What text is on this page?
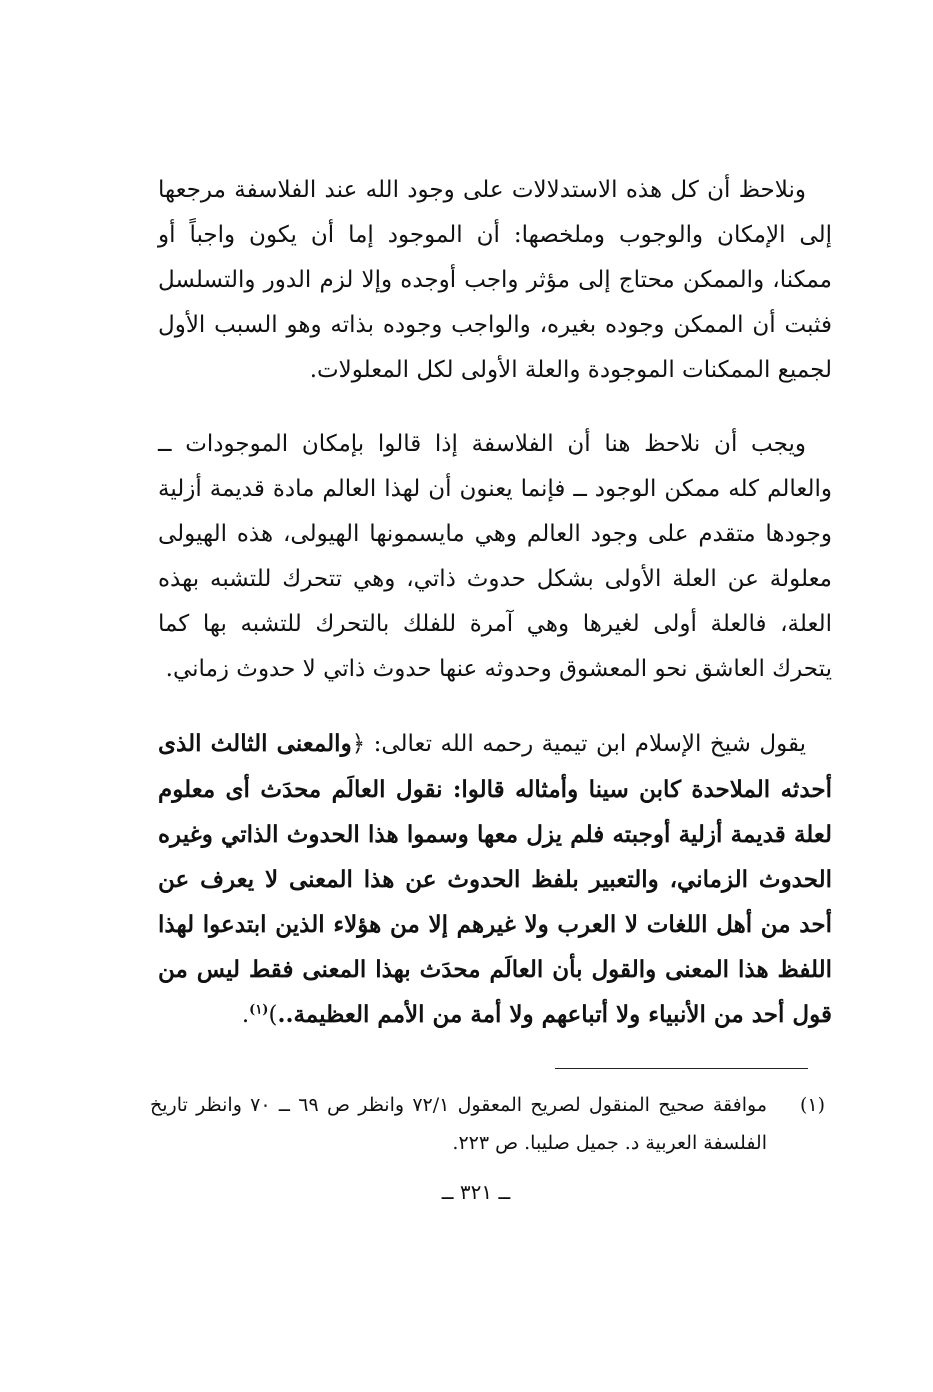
ونلاحظ أن كل هذه الاستدلالات على وجود الله عند الفلاسفة مرجعها إلى الإمكان والوجوب وملخصها: أن الموجود إما أن يكون واجباً أو ممكنا، والممكن محتاج إلى مؤثر واجب أوجده وإلا لزم الدور والتسلسل فثبت أن الممكن وجوده بغيره، والواجب وجوده بذاته وهو السبب الأول لجميع الممكنات الموجودة والعلة الأولى لكل المعلولات.

ويجب أن نلاحظ هنا أن الفلاسفة إذا قالوا بإمكان الموجودات ــ والعالم كله ممكن الوجود ــ فإنما يعنون أن لهذا العالم مادة قديمة أزلية وجودها متقدم على وجود العالم وهي مايسمونها الهيولى، هذه الهيولى معلولة عن العلة الأولى بشكل حدوث ذاتي، وهي تتحرك للتشبه بهذه العلة، فالعلة أولى لغيرها وهي آمرة للفلك بالتحرك للتشبه بها كما يتحرك العاشق نحو المعشوق وحدوثه عنها حدوث ذاتي لا حدوث زماني.

يقول شيخ الإسلام ابن تيمية رحمه الله تعالى: ﴿والمعنى الثالث الذى أحدثه الملاحدة كابن سينا وأمثاله قالوا: نقول العالَم محدَث أى معلوم لعلة قديمة أزلية أوجبته فلم يزل معها وسموا هذا الحدوث الذاتي وغيره الحدوث الزماني، والتعبير بلفظ الحدوث عن هذا المعنى لا يعرف عن أحد من أهل اللغات لا العرب ولا غيرهم إلا من هؤلاء الذين ابتدعوا لهذا اللفظ هذا المعنى والقول بأن العالَم محدَث بهذا المعنى فقط ليس من قول أحد من الأنبياء ولا أتباعهم ولا أمة من الأمم العظيمة..)$^{(١)}$.

(١)
موافقة صحيح المنقول لصريح المعقول ٧٢/١ وانظر ص ٦٩ ــ ٧٠ وانظر تاريخ الفلسفة العربية د. جميل صليبا. ص ٢٢٣.
ــ ٣٢١ ــ
